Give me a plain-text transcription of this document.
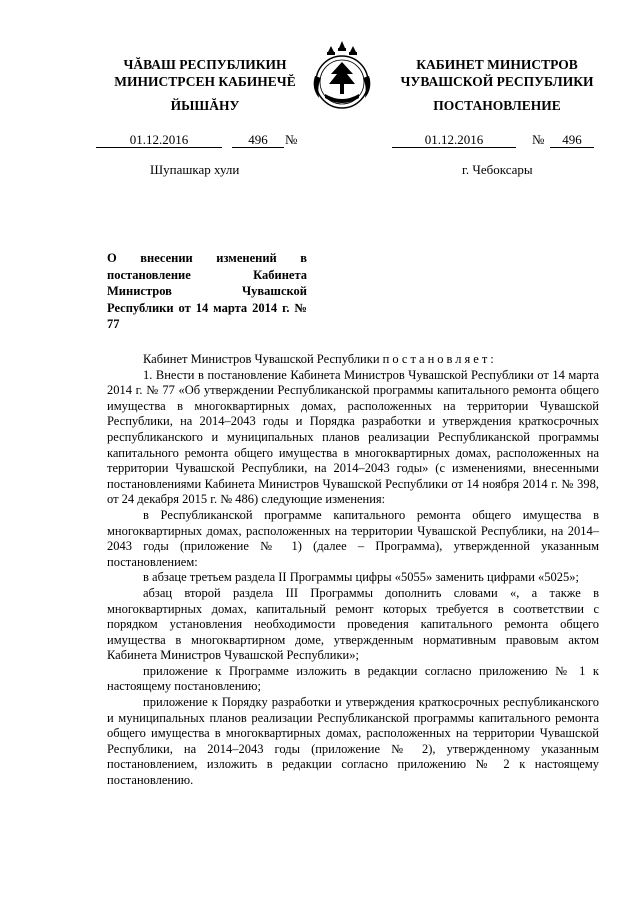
ЧĂВАШ РЕСПУБЛИКИН
МИНИСТРСЕН КАБИНЕЧĔ
ЙЫШĂНУ
КАБИНЕТ МИНИСТРОВ
ЧУВАШСКОЙ РЕСПУБЛИКИ
ПОСТАНОВЛЕНИЕ
01.12.2016	496	№	01.12.2016	№	496
Шупашкар хули	г. Чебоксары
О внесении изменений в постановление Кабинета Министров Чувашской Республики от 14 марта 2014 г. № 77

Кабинет Министров Чувашской Республики постановляет:

1. Внести в постановление Кабинета Министров Чувашской Республики от 14 марта 2014 г. № 77 «Об утверждении Республиканской программы капитального ремонта общего имущества в многоквартирных домах, расположенных на территории Чувашской Республики, на 2014–2043 годы и Порядка разработки и утверждения краткосрочных республиканского и муниципальных планов реализации Республиканской программы капитального ремонта общего имущества в многоквартирных домах, расположенных на территории Чувашской Республики, на 2014–2043 годы» (с изменениями, внесенными постановлениями Кабинета Министров Чувашской Республики от 14 ноября 2014 г. № 398, от 24 декабря 2015 г. № 486) следующие изменения:

в Республиканской программе капитального ремонта общего имущества в многоквартирных домах, расположенных на территории Чувашской Республики, на 2014–2043 годы (приложение № 1) (далее – Программа), утвержденной указанным постановлением:

в абзаце третьем раздела II Программы цифры «5055» заменить цифрами «5025»;

абзац второй раздела III Программы дополнить словами «, а также в многоквартирных домах, капитальный ремонт которых требуется в соответствии с порядком установления необходимости проведения капитального ремонта общего имущества в многоквартирном доме, утвержденным нормативным правовым актом Кабинета Министров Чувашской Республики»;

приложение к Программе изложить в редакции согласно приложению № 1 к настоящему постановлению;

приложение к Порядку разработки и утверждения краткосрочных республиканского и муниципальных планов реализации Республиканской программы капитального ремонта общего имущества в многоквартирных домах, расположенных на территории Чувашской Республики, на 2014–2043 годы (приложение № 2), утвержденному указанным постановлением, изложить в редакции согласно приложению № 2 к настоящему постановлению.
